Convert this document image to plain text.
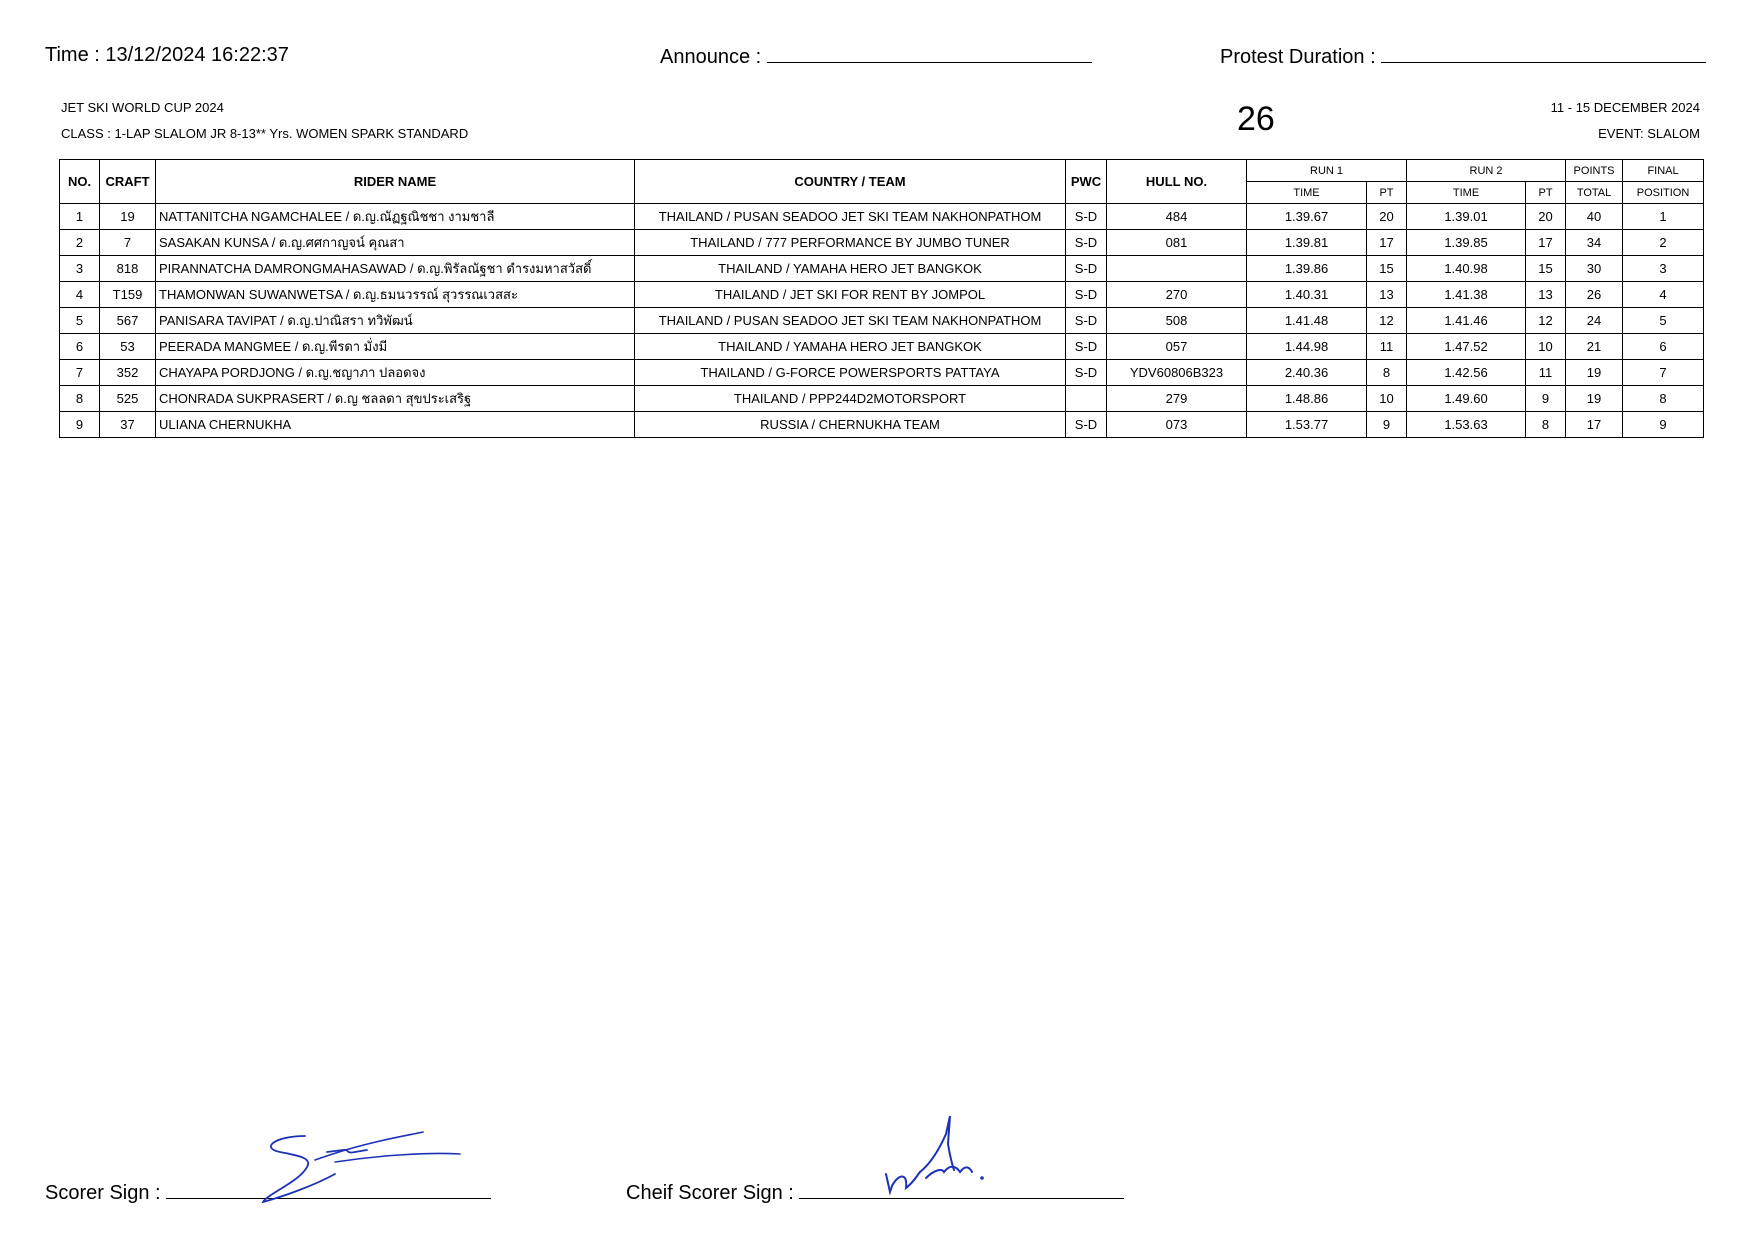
Time : 13/12/2024 16:22:37	Announce :	Protest Duration :
JET SKI WORLD CUP 2024
CLASS : 1-LAP SLALOM JR 8-13** Yrs. WOMEN SPARK STANDARD	26	11 - 15 DECEMBER 2024
EVENT: SLALOM
NO.	CRAFT	RIDER NAME	COUNTRY / TEAM	PWC	HULL NO.	RUN 1		RUN 2		POINTS	FINAL
						TIME	PT	TIME	PT	TOTAL	POSITION
1	19	NATTANITCHA NGAMCHALEE / ด.ญ.ณัฏฐณิชชา งามชาลี	THAILAND / PUSAN SEADOO JET SKI TEAM NAKHONPATHOM	S-D	484	1.39.67	20	1.39.01	20	40	1
2	7	SASAKAN KUNSA / ด.ญ.ศศกาญจน์ คุณสา	THAILAND / 777 PERFORMANCE BY JUMBO TUNER	S-D	081	1.39.81	17	1.39.85	17	34	2
3	818	PIRANNATCHA DAMRONGMAHASAWAD / ด.ญ.พิรัลณัฐชา ดำรงมหาสวัสดิ์	THAILAND / YAMAHA HERO JET BANGKOK	S-D		1.39.86	15	1.40.98	15	30	3
4	T159	THAMONWAN SUWANWETSA / ด.ญ.ธมนวรรณ์ สุวรรณเวสสะ	THAILAND / JET SKI FOR RENT BY JOMPOL	S-D	270	1.40.31	13	1.41.38	13	26	4
5	567	PANISARA TAVIPAT / ด.ญ.ปาณิสรา ทวิพัฒน์	THAILAND / PUSAN SEADOO JET SKI TEAM NAKHONPATHOM	S-D	508	1.41.48	12	1.41.46	12	24	5
6	53	PEERADA MANGMEE / ด.ญ.พีรดา มั่งมี	THAILAND / YAMAHA HERO JET BANGKOK	S-D	057	1.44.98	11	1.47.52	10	21	6
7	352	CHAYAPA PORDJONG / ด.ญ.ชญาภา ปลอดจง	THAILAND / G-FORCE POWERSPORTS PATTAYA	S-D	YDV60806B323	2.40.36	8	1.42.56	11	19	7
8	525	CHONRADA SUKPRASERT / ด.ญ ชลลดา สุขประเสริฐ	THAILAND / PPP244D2MOTORSPORT		279	1.48.86	10	1.49.60	9	19	8
9	37	ULIANA CHERNUKHA	RUSSIA / CHERNUKHA TEAM	S-D	073	1.53.77	9	1.53.63	8	17	9
Scorer Sign :	Cheif Scorer Sign :
